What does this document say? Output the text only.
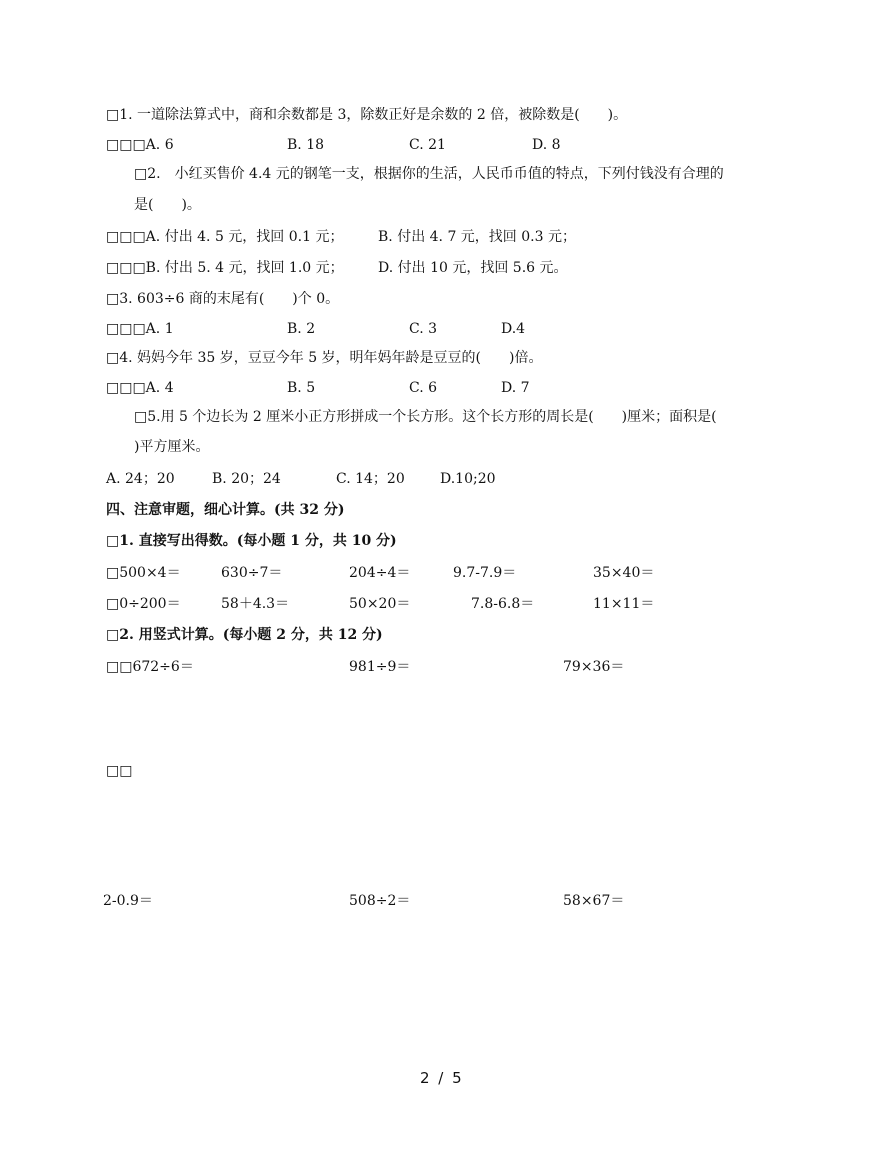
□1. 一道除法算式中，商和余数都是 3，除数正好是余数的 2 倍，被除数是(　　)。
□□□A. 6	B. 18	C. 21	D. 8
□2.　小红买售价 4.4 元的钢笔一支，根据你的生活，人民币币值的特点，下列付钱没有合理的
是(　　)。
□□□A. 付出 4. 5 元，找回 0.1 元； B. 付出 4. 7 元，找回 0.3 元；
□□□B. 付出 5. 4 元，找回 1.0 元； D. 付出 10 元，找回 5.6 元。
□3. 603÷6 商的末尾有(　　)个 0。
□□□A. 1	B. 2	C. 3	D.4
□4. 妈妈今年 35 岁，豆豆今年 5 岁，明年妈年龄是豆豆的(　　)倍。
□□□A. 4	B. 5	C. 6	D. 7
□5.用 5 个边长为 2 厘米小正方形拼成一个长方形。这个长方形的周长是(　　)厘米；面积是(
)平方厘米。
A. 24；20	B. 20；24	C. 14；20	D.10;20
四、注意审题，细心计算。(共 32 分)
□1. 直接写出得数。(每小题 1 分，共 10 分)
□500×4＝	630÷7＝	204÷4＝	9.7-7.9＝	35×40＝
□0÷200＝	58＋4.3＝	50×20＝	7.8-6.8＝	11×11＝
□2. 用竖式计算。(每小题 2 分，共 12 分)
□□672÷6＝	981÷9＝	79×36＝
□□
2-0.9＝	508÷2＝	58×67＝
2 / 5
